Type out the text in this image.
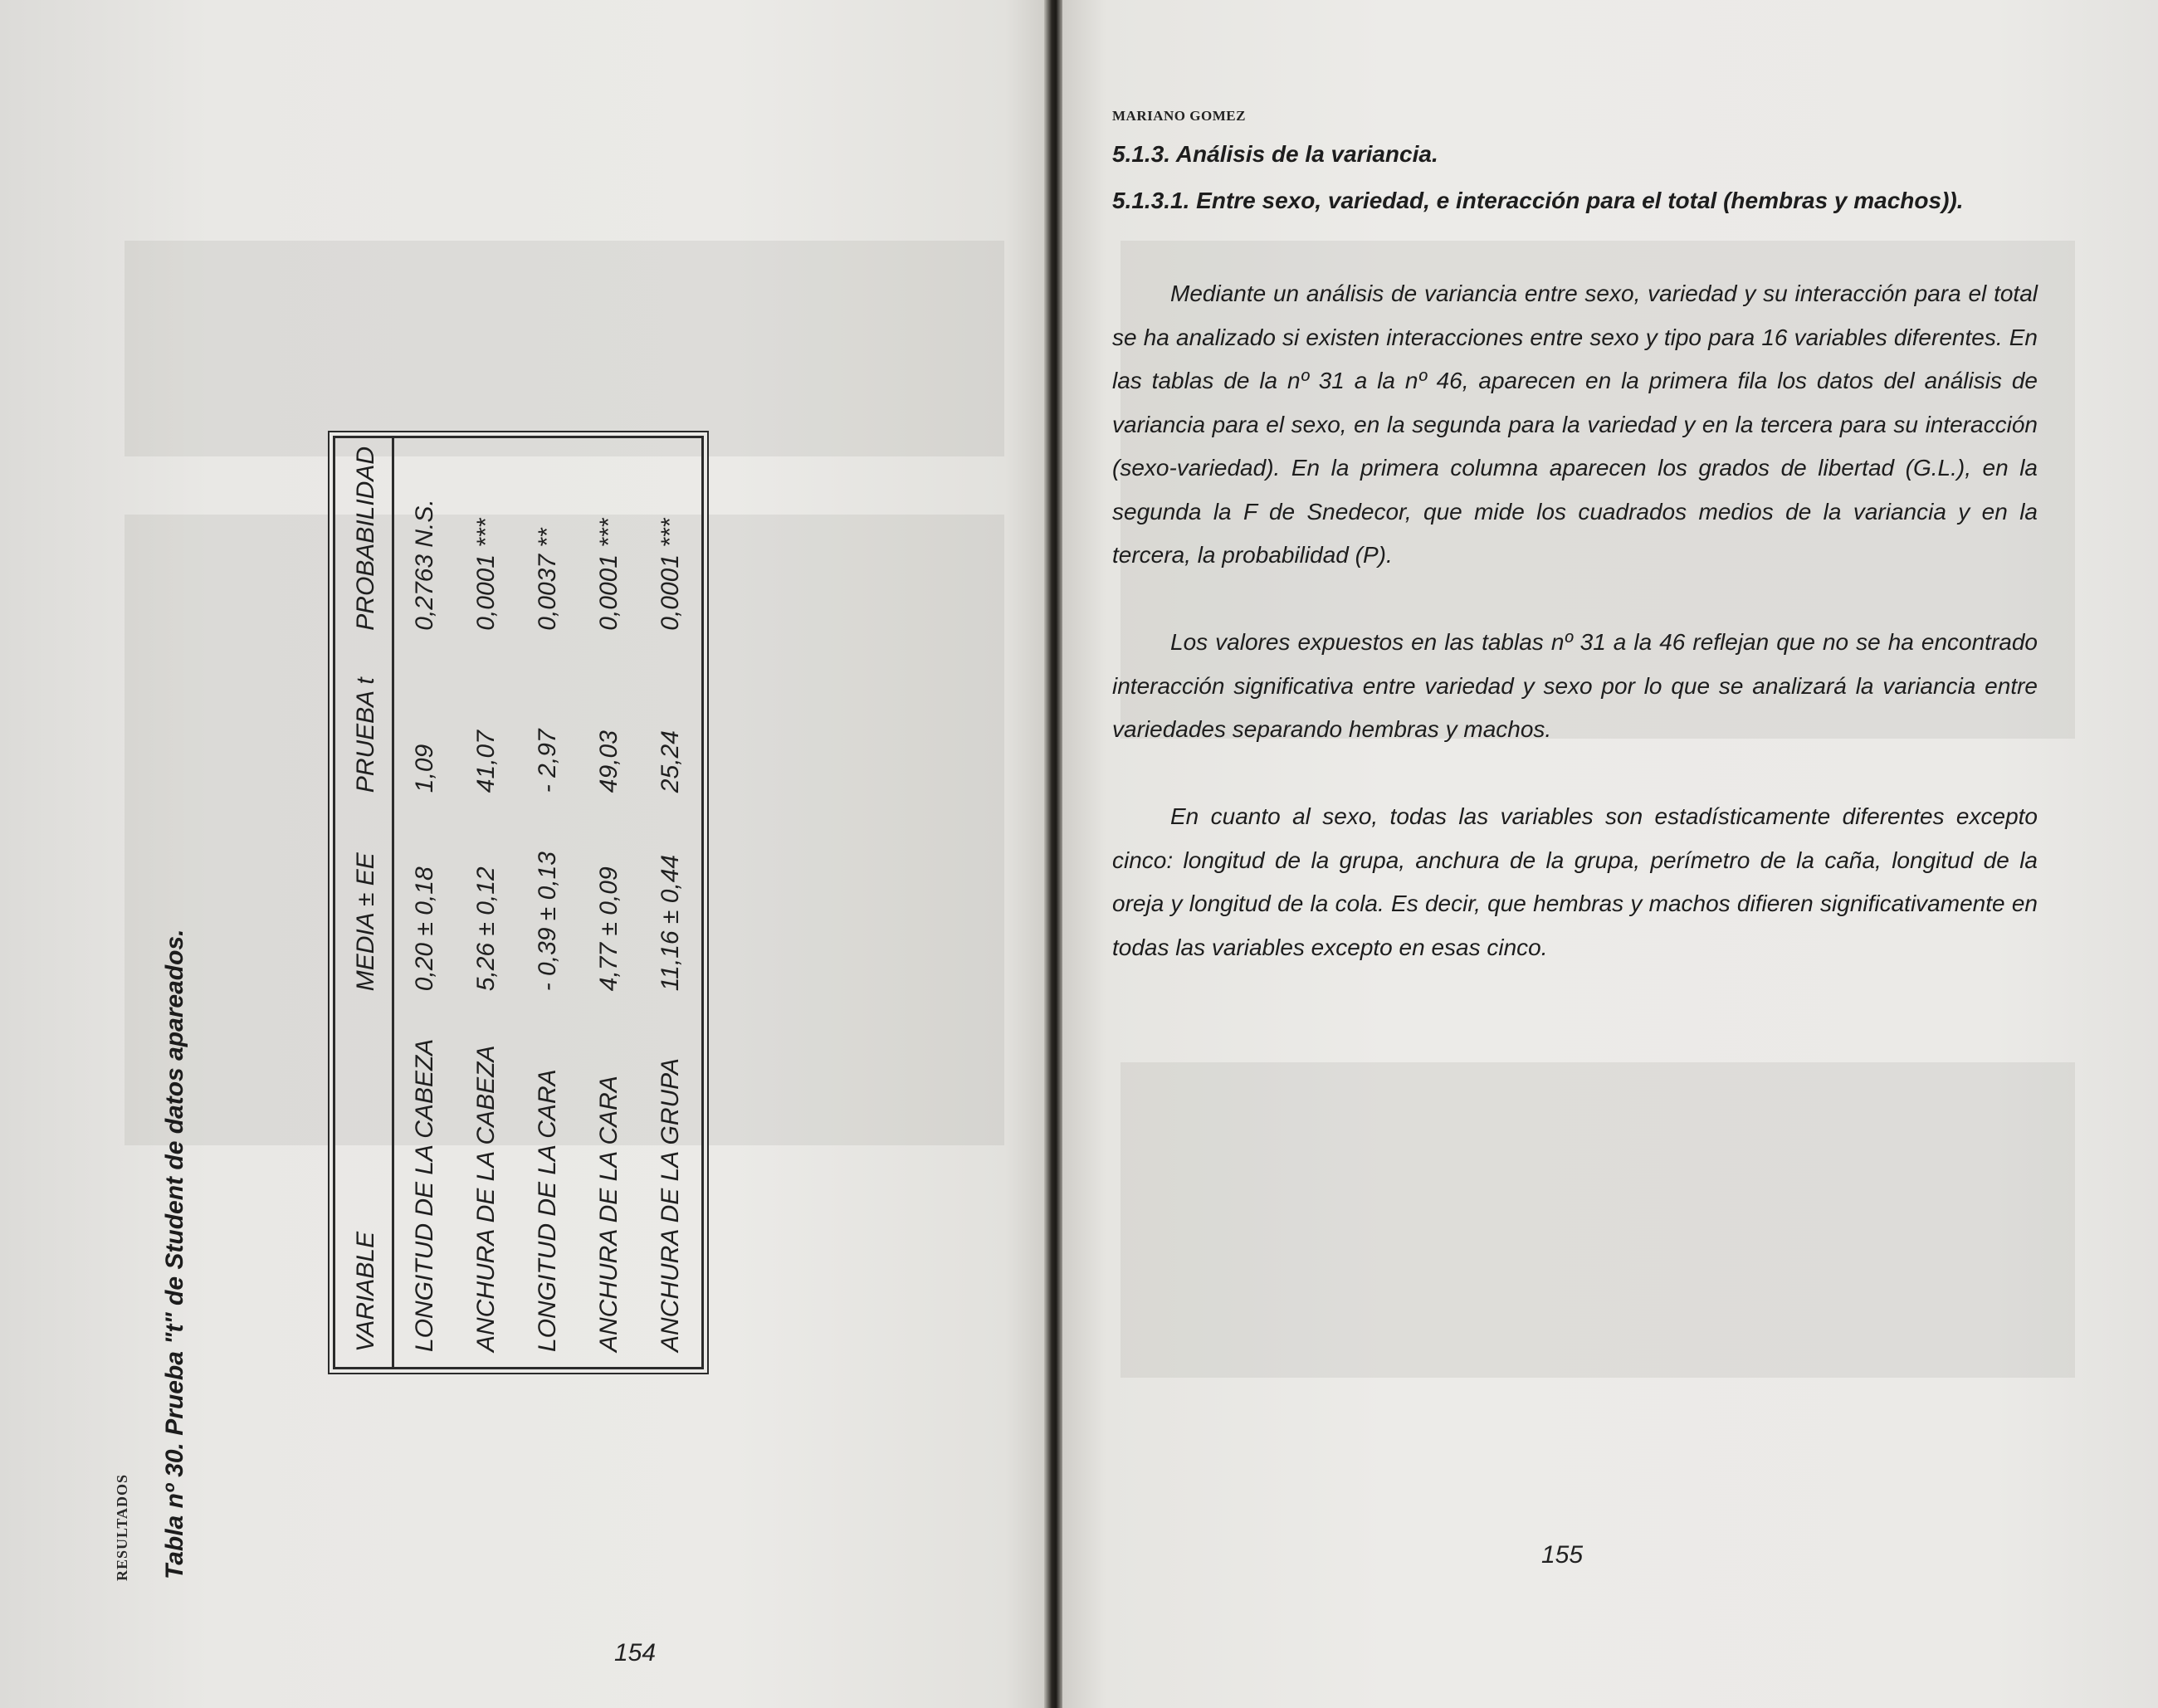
RESULTADOS Tabla nº 30. Prueba "t" de Student de datos apareados.	VARIABLE	MEDIA ± EE	PRUEBA t	PROBABILIDAD
LONGITUD DE LA CABEZA	0,20 ± 0,18	1,09	0,2763 N.S.
ANCHURA DE LA CABEZA	5,26 ± 0,12	41,07	0,0001 ***
LONGITUD DE LA CARA	- 0,39 ± 0,13	- 2,97	0,0037 **
ANCHURA DE LA CARA	4,77 ± 0,09	49,03	0,0001 ***
ANCHURA DE LA GRUPA	11,16 ± 0,44	25,24	0,0001 ***
154
MARIANO GOMEZ
5.1.3. Análisis de la variancia.
5.1.3.1. Entre sexo, variedad, e interacción para el total (hembras y machos)).

Mediante un análisis de variancia entre sexo, variedad y su interacción para el total se ha analizado si existen interacciones entre sexo y tipo para 16 variables diferentes. En las tablas de la nº 31 a la nº 46, aparecen en la primera fila los datos del análisis de variancia para el sexo, en la segunda para la variedad y en la tercera para su interacción (sexo-variedad). En la primera columna aparecen los grados de libertad (G.L.), en la segunda la F de Snedecor, que mide los cuadrados medios de la variancia y en la tercera, la probabilidad (P).

Los valores expuestos en las tablas nº 31 a la 46 reflejan que no se ha encontrado interacción significativa entre variedad y sexo por lo que se analizará la variancia entre variedades separando hembras y machos.

En cuanto al sexo, todas las variables son estadísticamente diferentes excepto cinco: longitud de la grupa, anchura de la grupa, perímetro de la caña, longitud de la oreja y longitud de la cola. Es decir, que hembras y machos difieren significativamente en todas las variables excepto en esas cinco.

155
